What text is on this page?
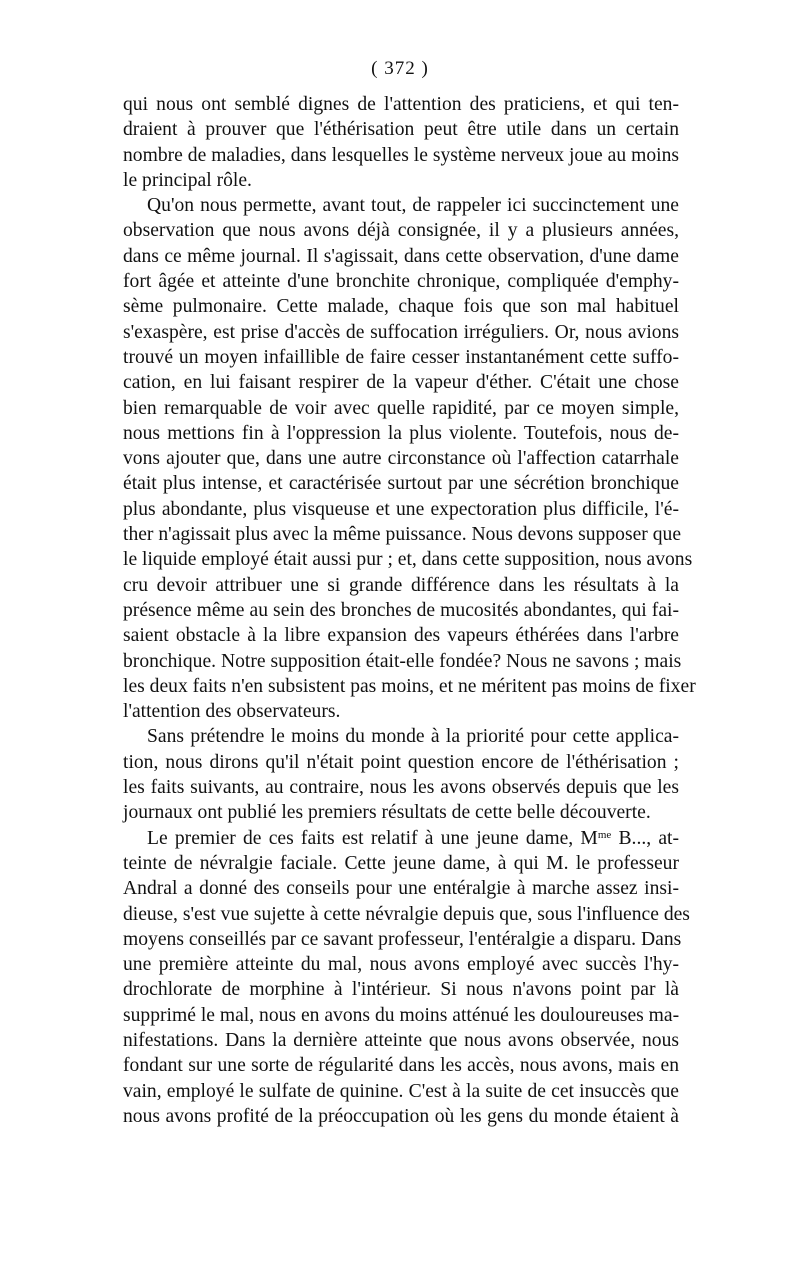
( 372 )
qui nous ont semblé dignes de l'attention des praticiens, et qui ten-
draient à prouver que l'éthérisation peut être utile dans un certain
nombre de maladies, dans lesquelles le système nerveux joue au moins
le principal rôle.
Qu'on nous permette, avant tout, de rappeler ici succinctement une
observation que nous avons déjà consignée, il y a plusieurs années,
dans ce même journal. Il s'agissait, dans cette observation, d'une dame
fort âgée et atteinte d'une bronchite chronique, compliquée d'emphy-
sème pulmonaire. Cette malade, chaque fois que son mal habituel
s'exaspère, est prise d'accès de suffocation irréguliers. Or, nous avions
trouvé un moyen infaillible de faire cesser instantanément cette suffo-
cation, en lui faisant respirer de la vapeur d'éther. C'était une chose
bien remarquable de voir avec quelle rapidité, par ce moyen simple,
nous mettions fin à l'oppression la plus violente. Toutefois, nous de-
vons ajouter que, dans une autre circonstance où l'affection catarrhale
était plus intense, et caractérisée surtout par une sécrétion bronchique
plus abondante, plus visqueuse et une expectoration plus difficile, l'é-
ther n'agissait plus avec la même puissance. Nous devons supposer que
le liquide employé était aussi pur ; et, dans cette supposition, nous avons
cru devoir attribuer une si grande différence dans les résultats à la
présence même au sein des bronches de mucosités abondantes, qui fai-
saient obstacle à la libre expansion des vapeurs éthérées dans l'arbre
bronchique. Notre supposition était-elle fondée? Nous ne savons ; mais
les deux faits n'en subsistent pas moins, et ne méritent pas moins de fixer
l'attention des observateurs.
Sans prétendre le moins du monde à la priorité pour cette applica-
tion, nous dirons qu'il n'était point question encore de l'éthérisation ;
les faits suivants, au contraire, nous les avons observés depuis que les
journaux ont publié les premiers résultats de cette belle découverte.
Le premier de ces faits est relatif à une jeune dame, $M^{me}$ B..., at-
teinte de névralgie faciale. Cette jeune dame, à qui M. le professeur
Andral a donné des conseils pour une entéralgie à marche assez insi-
dieuse, s'est vue sujette à cette névralgie depuis que, sous l'influence des
moyens conseillés par ce savant professeur, l'entéralgie a disparu. Dans
une première atteinte du mal, nous avons employé avec succès l'hy-
drochlorate de morphine à l'intérieur. Si nous n'avons point par là
supprimé le mal, nous en avons du moins atténué les douloureuses ma-
nifestations. Dans la dernière atteinte que nous avons observée, nous
fondant sur une sorte de régularité dans les accès, nous avons, mais en
vain, employé le sulfate de quinine. C'est à la suite de cet insuccès que
nous avons profité de la préoccupation où les gens du monde étaient à
